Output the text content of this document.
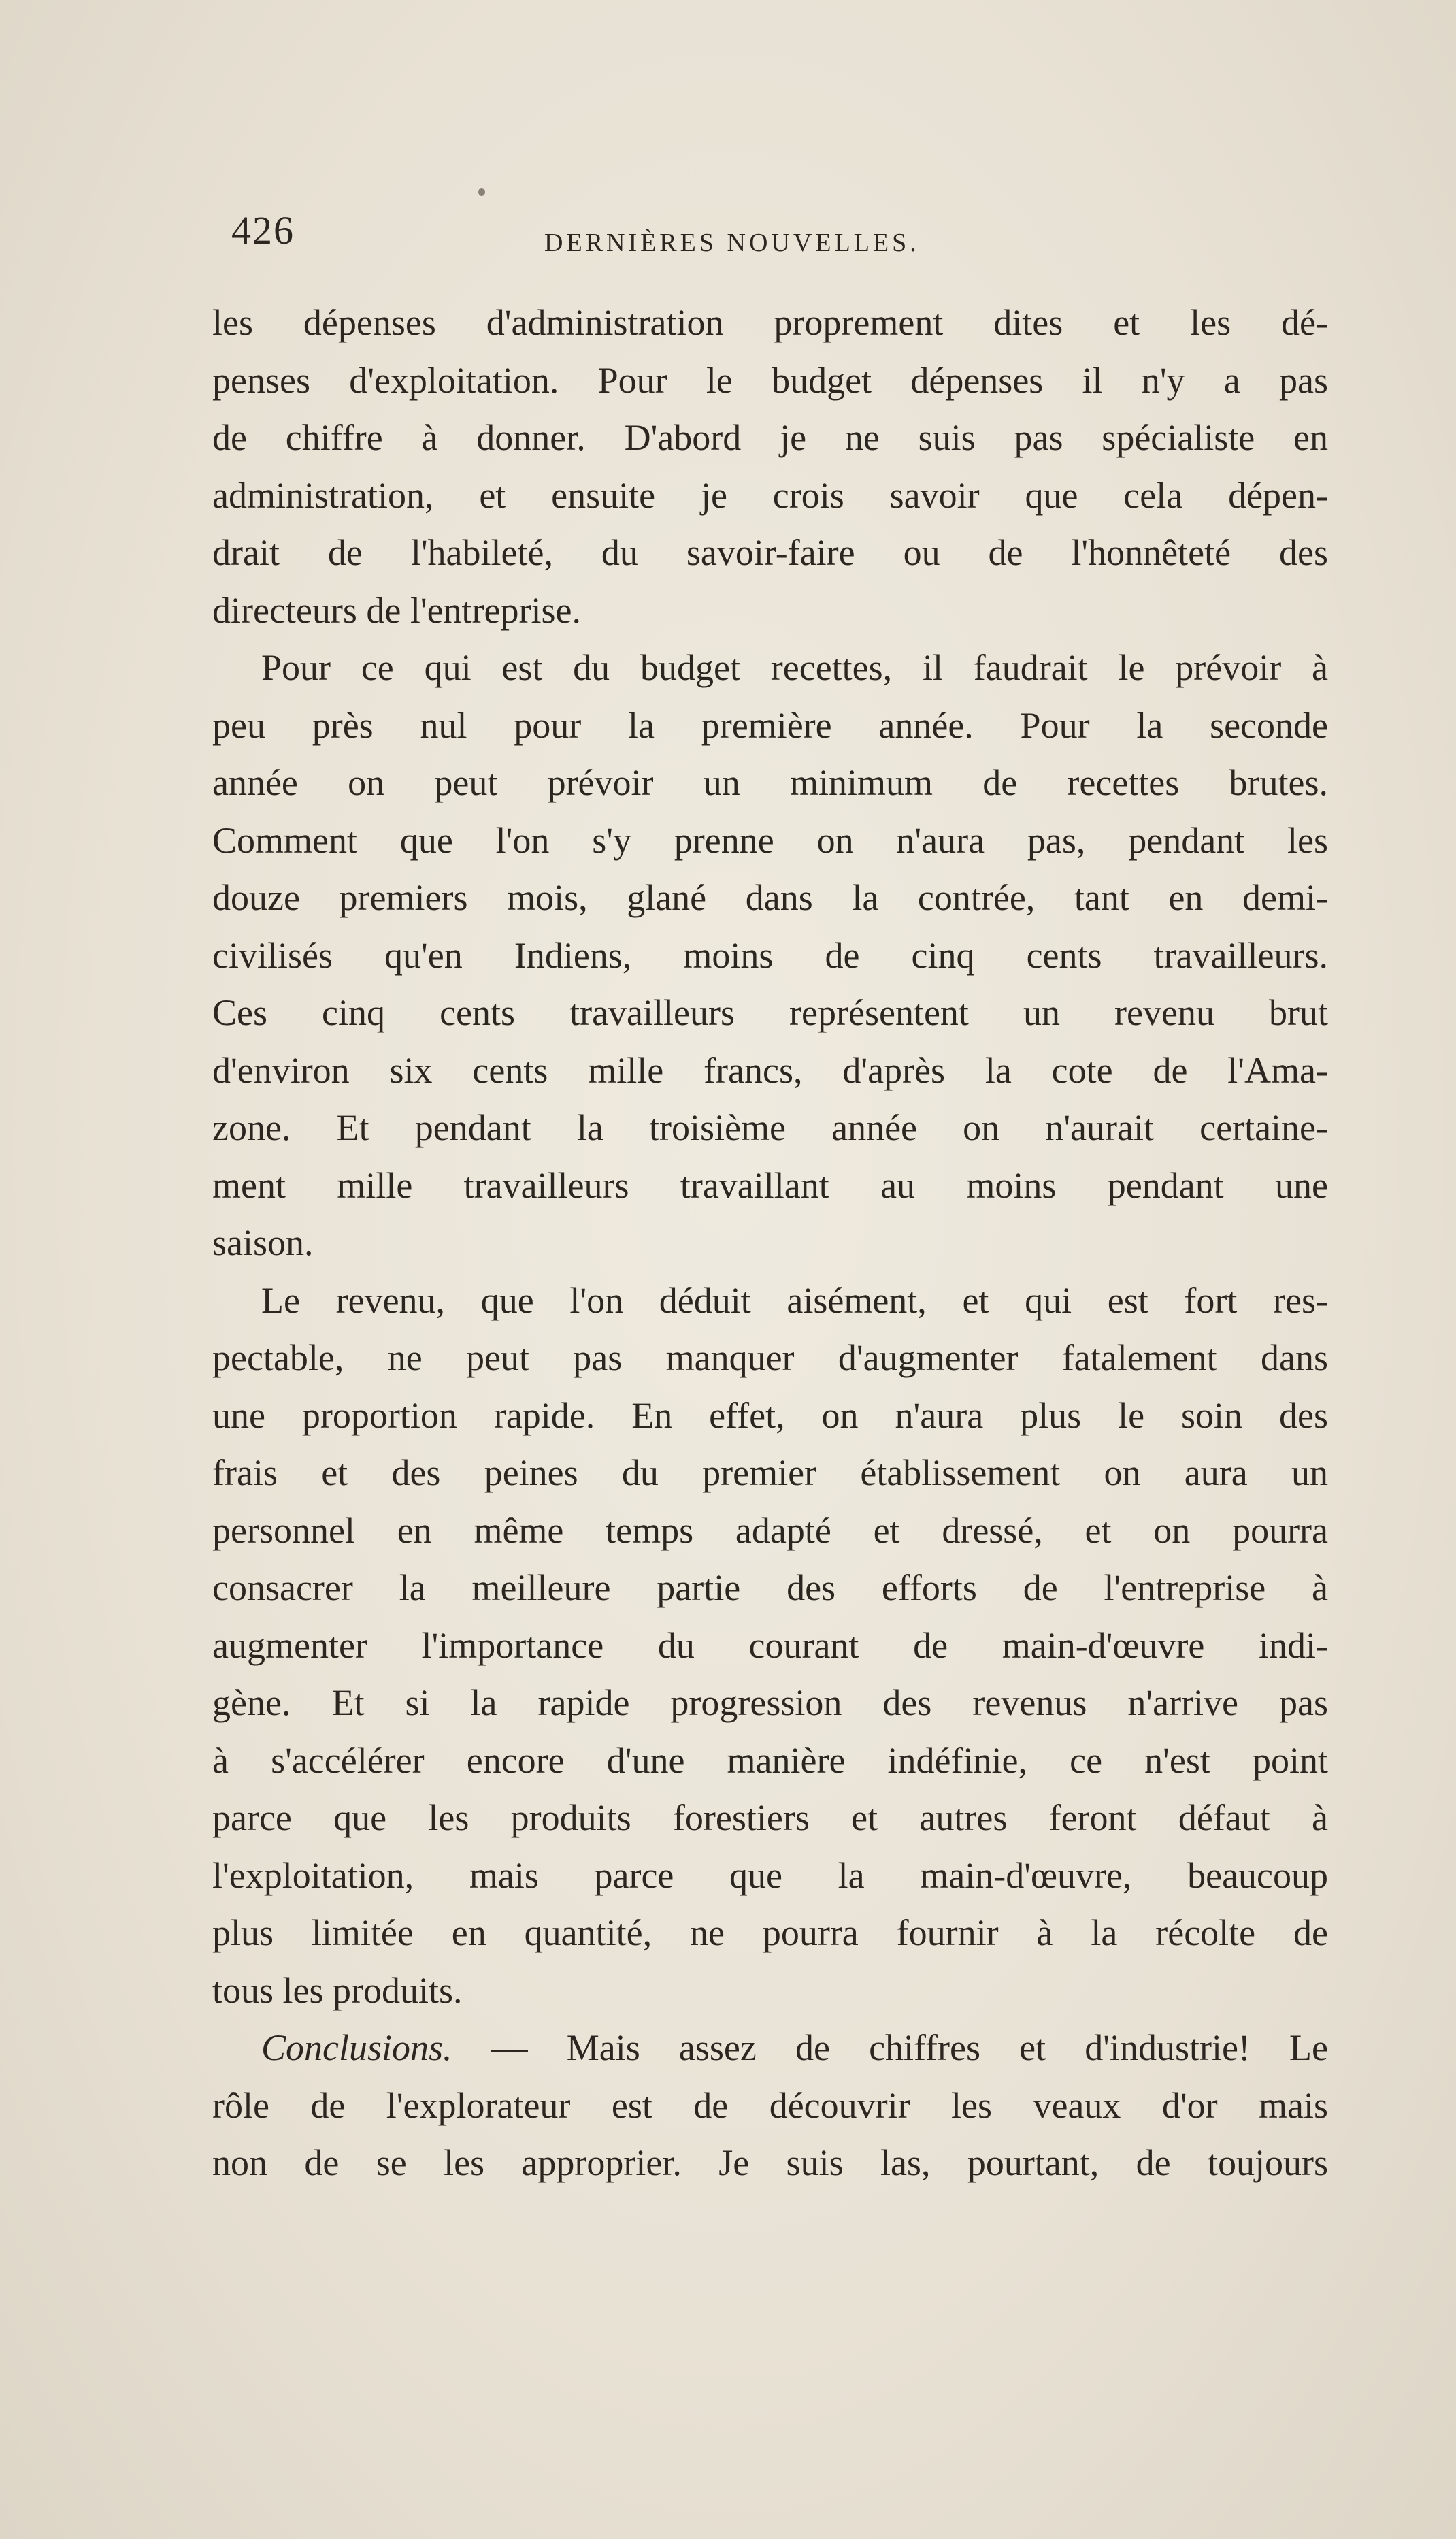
426	DERNIÈRES NOUVELLES.
les dépenses d'administration proprement dites et les dé-
penses d'exploitation. Pour le budget dépenses il n'y a pas
de chiffre à donner. D'abord je ne suis pas spécialiste en
administration, et ensuite je crois savoir que cela dépen-
drait de l'habileté, du savoir-faire ou de l'honnêteté des
directeurs de l'entreprise.
Pour ce qui est du budget recettes, il faudrait le prévoir à
peu près nul pour la première année. Pour la seconde
année on peut prévoir un minimum de recettes brutes.
Comment que l'on s'y prenne on n'aura pas, pendant les
douze premiers mois, glané dans la contrée, tant en demi-
civilisés qu'en Indiens, moins de cinq cents travailleurs.
Ces cinq cents travailleurs représentent un revenu brut
d'environ six cents mille francs, d'après la cote de l'Ama-
zone. Et pendant la troisième année on n'aurait certaine-
ment mille travailleurs travaillant au moins pendant une
saison.
Le revenu, que l'on déduit aisément, et qui est fort res-
pectable, ne peut pas manquer d'augmenter fatalement dans
une proportion rapide. En effet, on n'aura plus le soin des
frais et des peines du premier établissement on aura un
personnel en même temps adapté et dressé, et on pourra
consacrer la meilleure partie des efforts de l'entreprise à
augmenter l'importance du courant de main-d'œuvre indi-
gène. Et si la rapide progression des revenus n'arrive pas
à s'accélérer encore d'une manière indéfinie, ce n'est point
parce que les produits forestiers et autres feront défaut à
l'exploitation, mais parce que la main-d'œuvre, beaucoup
plus limitée en quantité, ne pourra fournir à la récolte de
tous les produits.
Conclusions. — Mais assez de chiffres et d'industrie! Le
rôle de l'explorateur est de découvrir les veaux d'or mais
non de se les approprier. Je suis las, pourtant, de toujours
